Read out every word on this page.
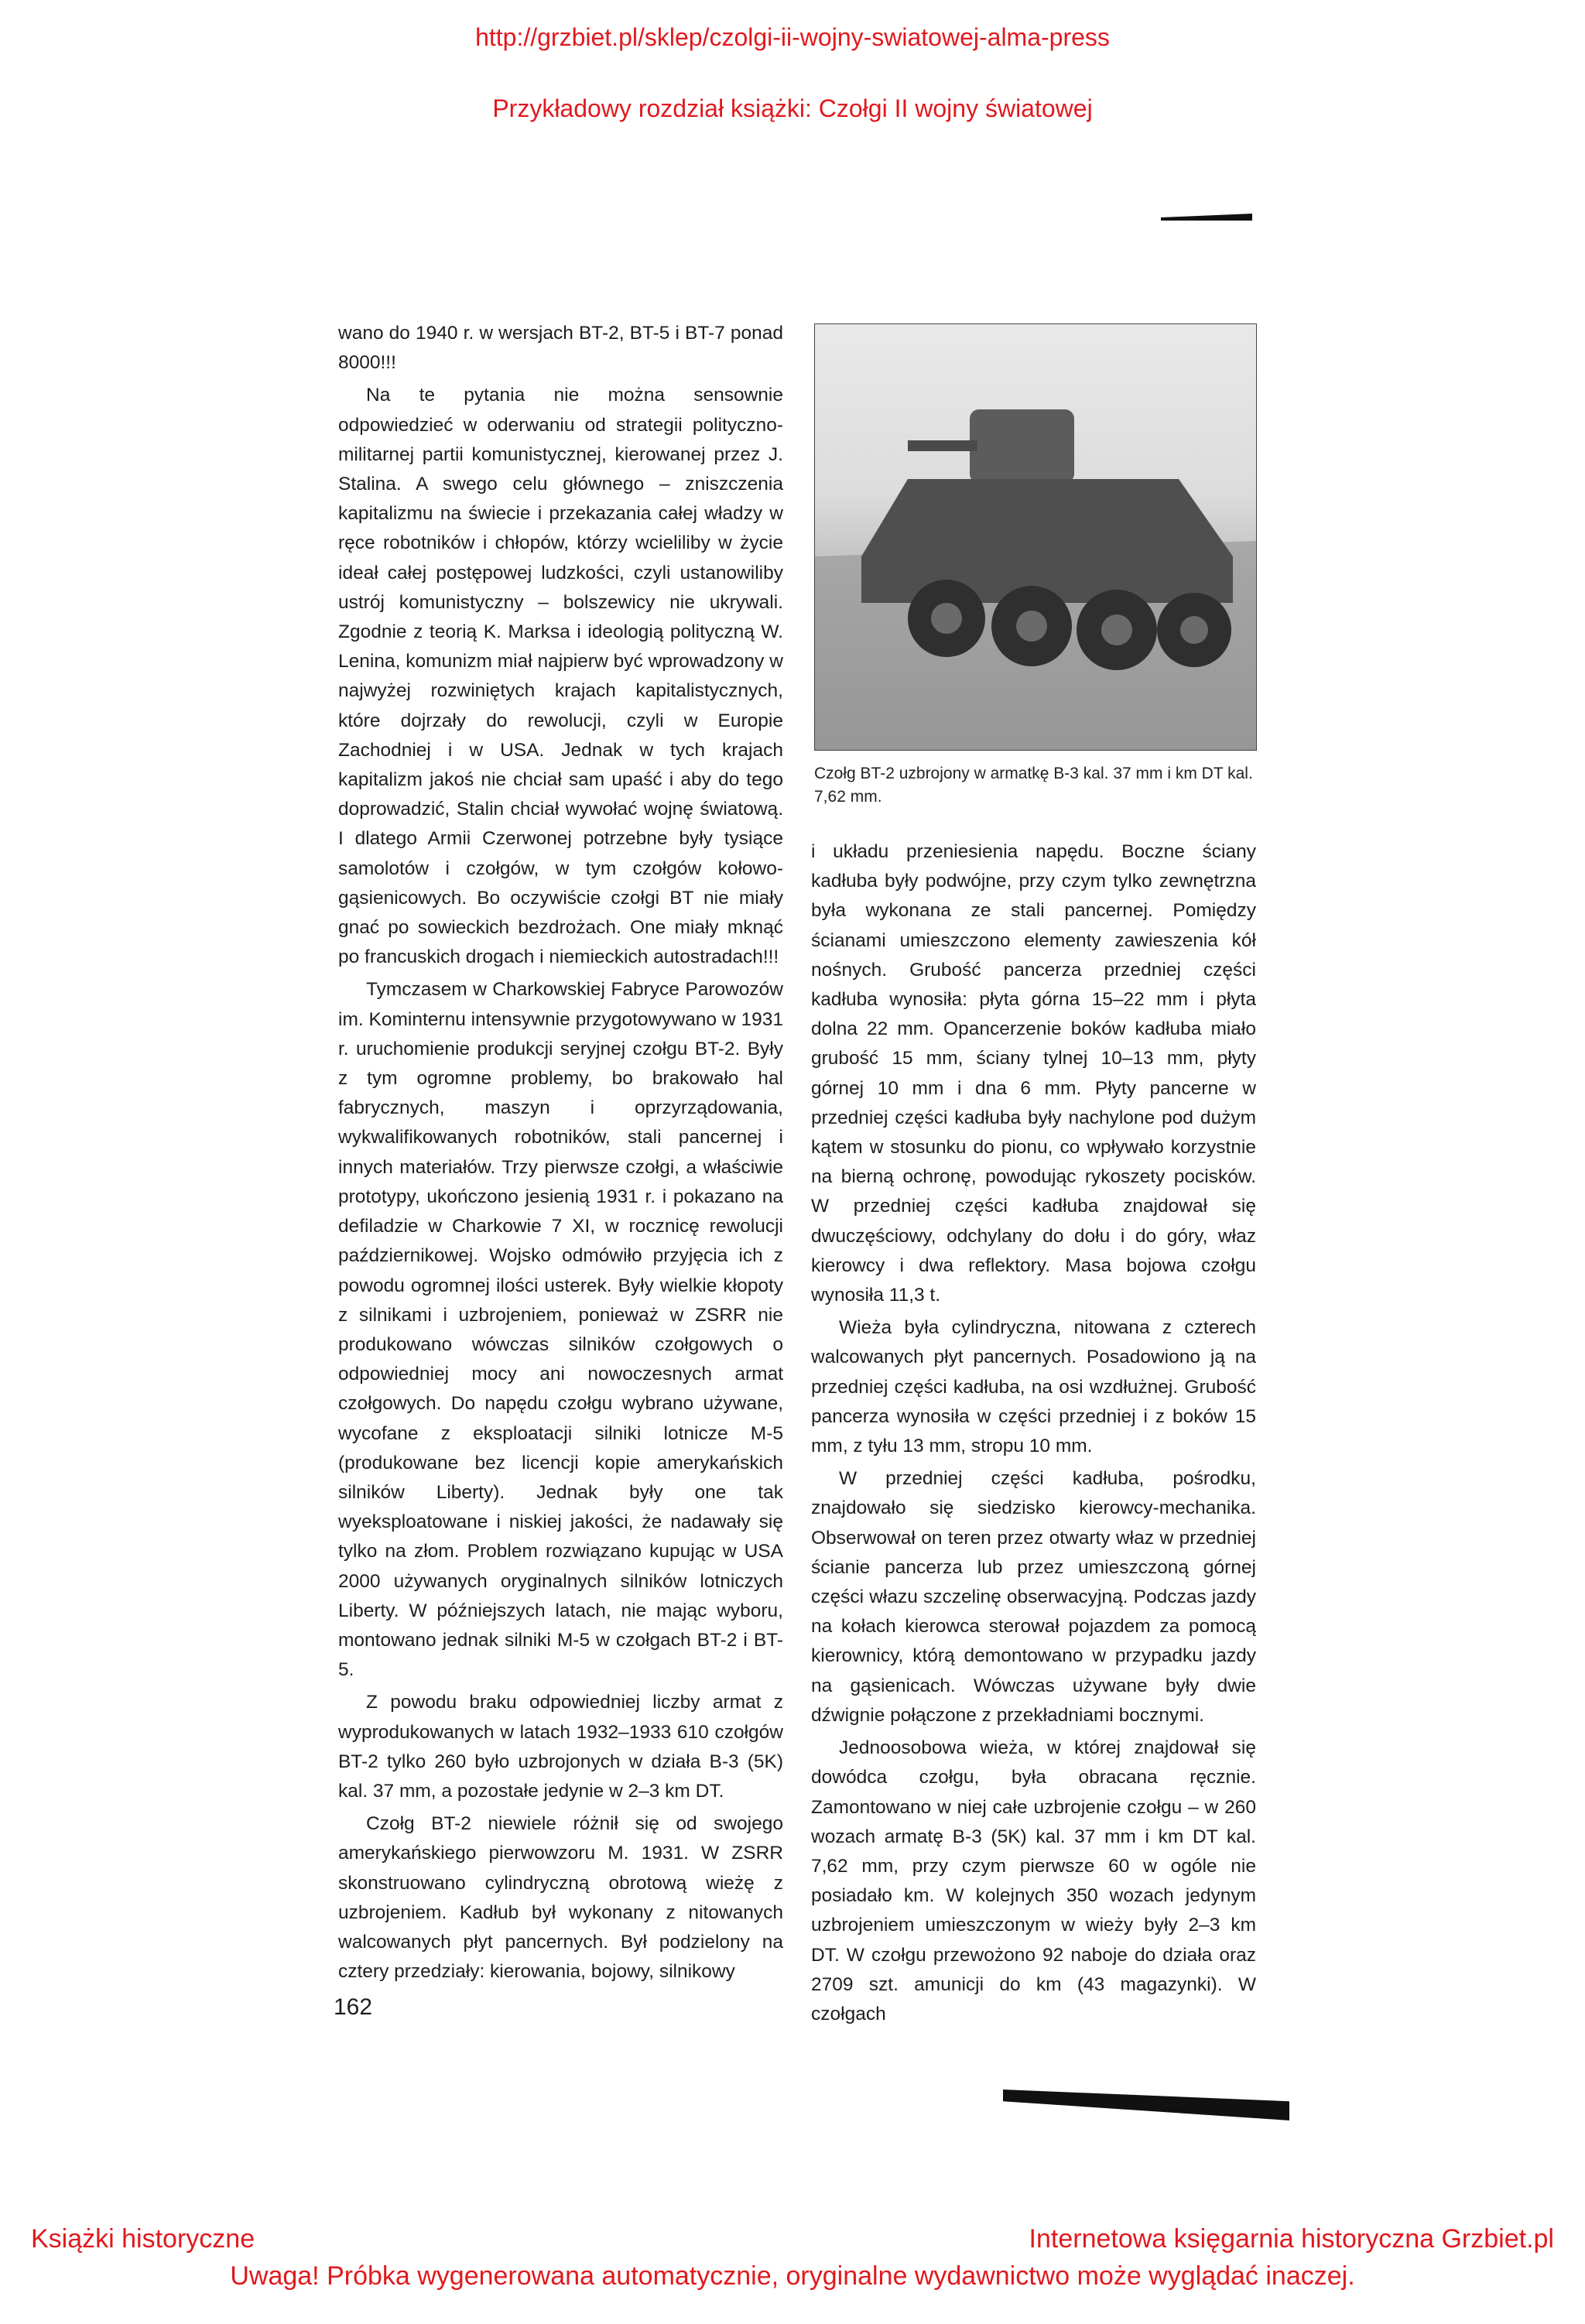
http://grzbiet.pl/sklep/czolgi-ii-wojny-swiatowej-alma-press
Przykładowy rozdział książki: Czołgi II wojny światowej

wano do 1940 r. w wersjach BT-2, BT-5 i BT-7 ponad 8000!!!

Na te pytania nie można sensownie odpowiedzieć w oderwaniu od strategii polityczno-militarnej partii komunistycznej, kierowanej przez J. Stalina. A swego celu głównego – zniszczenia kapitalizmu na świecie i przekazania całej władzy w ręce robotników i chłopów, którzy wcieliliby w życie ideał całej postępowej ludzkości, czyli ustanowiliby ustrój komunistyczny – bolszewicy nie ukrywali. Zgodnie z teorią K. Marksa i ideologią polityczną W. Lenina, komunizm miał najpierw być wprowadzony w najwyżej rozwiniętych krajach kapitalistycznych, które dojrzały do rewolucji, czyli w Europie Zachodniej i w USA. Jednak w tych krajach kapitalizm jakoś nie chciał sam upaść i aby do tego doprowadzić, Stalin chciał wywołać wojnę światową. I dlatego Armii Czerwonej potrzebne były tysiące samolotów i czołgów, w tym czołgów kołowo-gąsienicowych. Bo oczywiście czołgi BT nie miały gnać po sowieckich bezdrożach. One miały mknąć po francuskich drogach i niemieckich autostradach!!!

Tymczasem w Charkowskiej Fabryce Parowozów im. Kominternu intensywnie przygotowywano w 1931 r. uruchomienie produkcji seryjnej czołgu BT-2. Były z tym ogromne problemy, bo brakowało hal fabrycznych, maszyn i oprzyrządowania, wykwalifikowanych robotników, stali pancernej i innych materiałów. Trzy pierwsze czołgi, a właściwie prototypy, ukończono jesienią 1931 r. i pokazano na defiladzie w Charkowie 7 XI, w rocznicę rewolucji październikowej. Wojsko odmówiło przyjęcia ich z powodu ogromnej ilości usterek. Były wielkie kłopoty z silnikami i uzbrojeniem, ponieważ w ZSRR nie produkowano wówczas silników czołgowych o odpowiedniej mocy ani nowoczesnych armat czołgowych. Do napędu czołgu wybrano używane, wycofane z eksploatacji silniki lotnicze M-5 (produkowane bez licencji kopie amerykańskich silników Liberty). Jednak były one tak wyeksploatowane i niskiej jakości, że nadawały się tylko na złom. Problem rozwiązano kupując w USA 2000 używanych oryginalnych silników lotniczych Liberty. W późniejszych latach, nie mając wyboru, montowano jednak silniki M-5 w czołgach BT-2 i BT-5.

Z powodu braku odpowiedniej liczby armat z wyprodukowanych w latach 1932–1933 610 czołgów BT-2 tylko 260 było uzbrojonych w działa B-3 (5K) kal. 37 mm, a pozostałe jedynie w 2–3 km DT.

Czołg BT-2 niewiele różnił się od swojego amerykańskiego pierwowzoru M. 1931. W ZSRR skonstruowano cylindryczną obrotową wieżę z uzbrojeniem. Kadłub był wykonany z nitowanych walcowanych płyt pancernych. Był podzielony na cztery przedziały: kierowania, bojowy, silnikowy

Czołg BT-2 uzbrojony w armatkę B-3 kal. 37 mm i km DT kal. 7,62 mm.

i układu przeniesienia napędu. Boczne ściany kadłuba były podwójne, przy czym tylko zewnętrzna była wykonana ze stali pancernej. Pomiędzy ścianami umieszczono elementy zawieszenia kół nośnych. Grubość pancerza przedniej części kadłuba wynosiła: płyta górna 15–22 mm i płyta dolna 22 mm. Opancerzenie boków kadłuba miało grubość 15 mm, ściany tylnej 10–13 mm, płyty górnej 10 mm i dna 6 mm. Płyty pancerne w przedniej części kadłuba były nachylone pod dużym kątem w stosunku do pionu, co wpływało korzystnie na bierną ochronę, powodując rykoszety pocisków. W przedniej części kadłuba znajdował się dwuczęściowy, odchylany do dołu i do góry, właz kierowcy i dwa reflektory. Masa bojowa czołgu wynosiła 11,3 t.

Wieża była cylindryczna, nitowana z czterech walcowanych płyt pancernych. Posadowiono ją na przedniej części kadłuba, na osi wzdłużnej. Grubość pancerza wynosiła w części przedniej i z boków 15 mm, z tyłu 13 mm, stropu 10 mm.

W przedniej części kadłuba, pośrodku, znajdowało się siedzisko kierowcy-mechanika. Obserwował on teren przez otwarty właz w przedniej ścianie pancerza lub przez umieszczoną górnej części włazu szczelinę obserwacyjną. Podczas jazdy na kołach kierowca sterował pojazdem za pomocą kierownicy, którą demontowano w przypadku jazdy na gąsienicach. Wówczas używane były dwie dźwignie połączone z przekładniami bocznymi.

Jednoosobowa wieża, w której znajdował się dowódca czołgu, była obracana ręcznie. Zamontowano w niej całe uzbrojenie czołgu – w 260 wozach armatę B-3 (5K) kal. 37 mm i km DT kal. 7,62 mm, przy czym pierwsze 60 w ogóle nie posiadało km. W kolejnych 350 wozach jedynym uzbrojeniem umieszczonym w wieży były 2–3 km DT. W czołgu przewożono 92 naboje do działa oraz 2709 szt. amunicji do km (43 magazynki). W czołgach

162
Książki historyczne	Internetowa księgarnia historyczna Grzbiet.pl
Uwaga! Próbka wygenerowana automatycznie, oryginalne wydawnictwo może wyglądać inaczej.
